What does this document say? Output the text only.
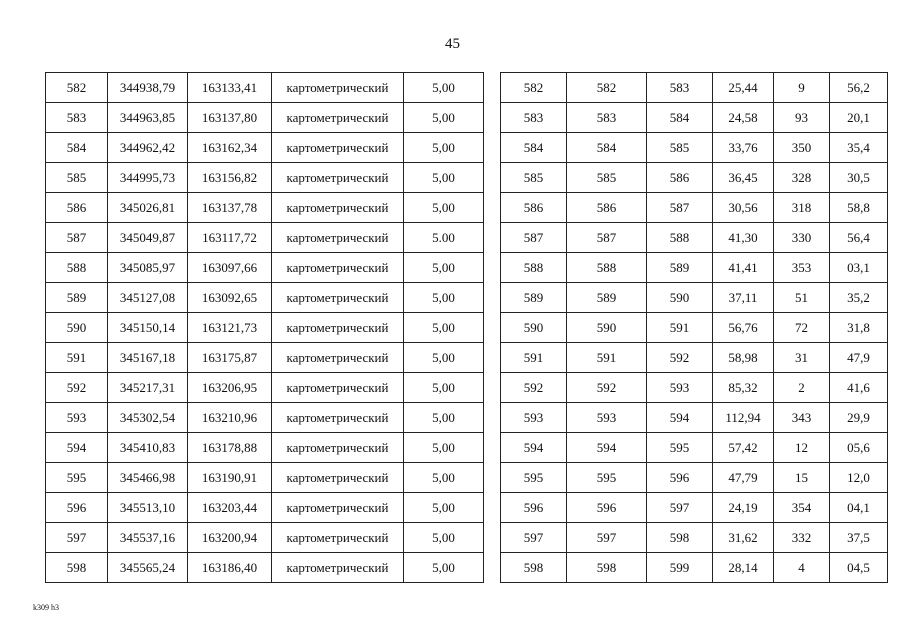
45
582	344938,79	163133,41	картометрический	5,00
583	344963,85	163137,80	картометрический	5,00
584	344962,42	163162,34	картометрический	5,00
585	344995,73	163156,82	картометрический	5,00
586	345026,81	163137,78	картометрический	5,00
587	345049,87	163117,72	картометрический	5.00
588	345085,97	163097,66	картометрический	5,00
589	345127,08	163092,65	картометрический	5,00
590	345150,14	163121,73	картометрический	5,00
591	345167,18	163175,87	картометрический	5,00
592	345217,31	163206,95	картометрический	5,00
593	345302,54	163210,96	картометрический	5,00
594	345410,83	163178,88	картометрический	5,00
595	345466,98	163190,91	картометрический	5,00
596	345513,10	163203,44	картометрический	5,00
597	345537,16	163200,94	картометрический	5,00
598	345565,24	163186,40	картометрический	5,00
582	582	583	25,44	9	56,2
583	583	584	24,58	93	20,1
584	584	585	33,76	350	35,4
585	585	586	36,45	328	30,5
586	586	587	30,56	318	58,8
587	587	588	41,30	330	56,4
588	588	589	41,41	353	03,1
589	589	590	37,11	51	35,2
590	590	591	56,76	72	31,8
591	591	592	58,98	31	47,9
592	592	593	85,32	2	41,6
593	593	594	112,94	343	29,9
594	594	595	57,42	12	05,6
595	595	596	47,79	15	12,0
596	596	597	24,19	354	04,1
597	597	598	31,62	332	37,5
598	598	599	28,14	4	04,5
k309 h3
